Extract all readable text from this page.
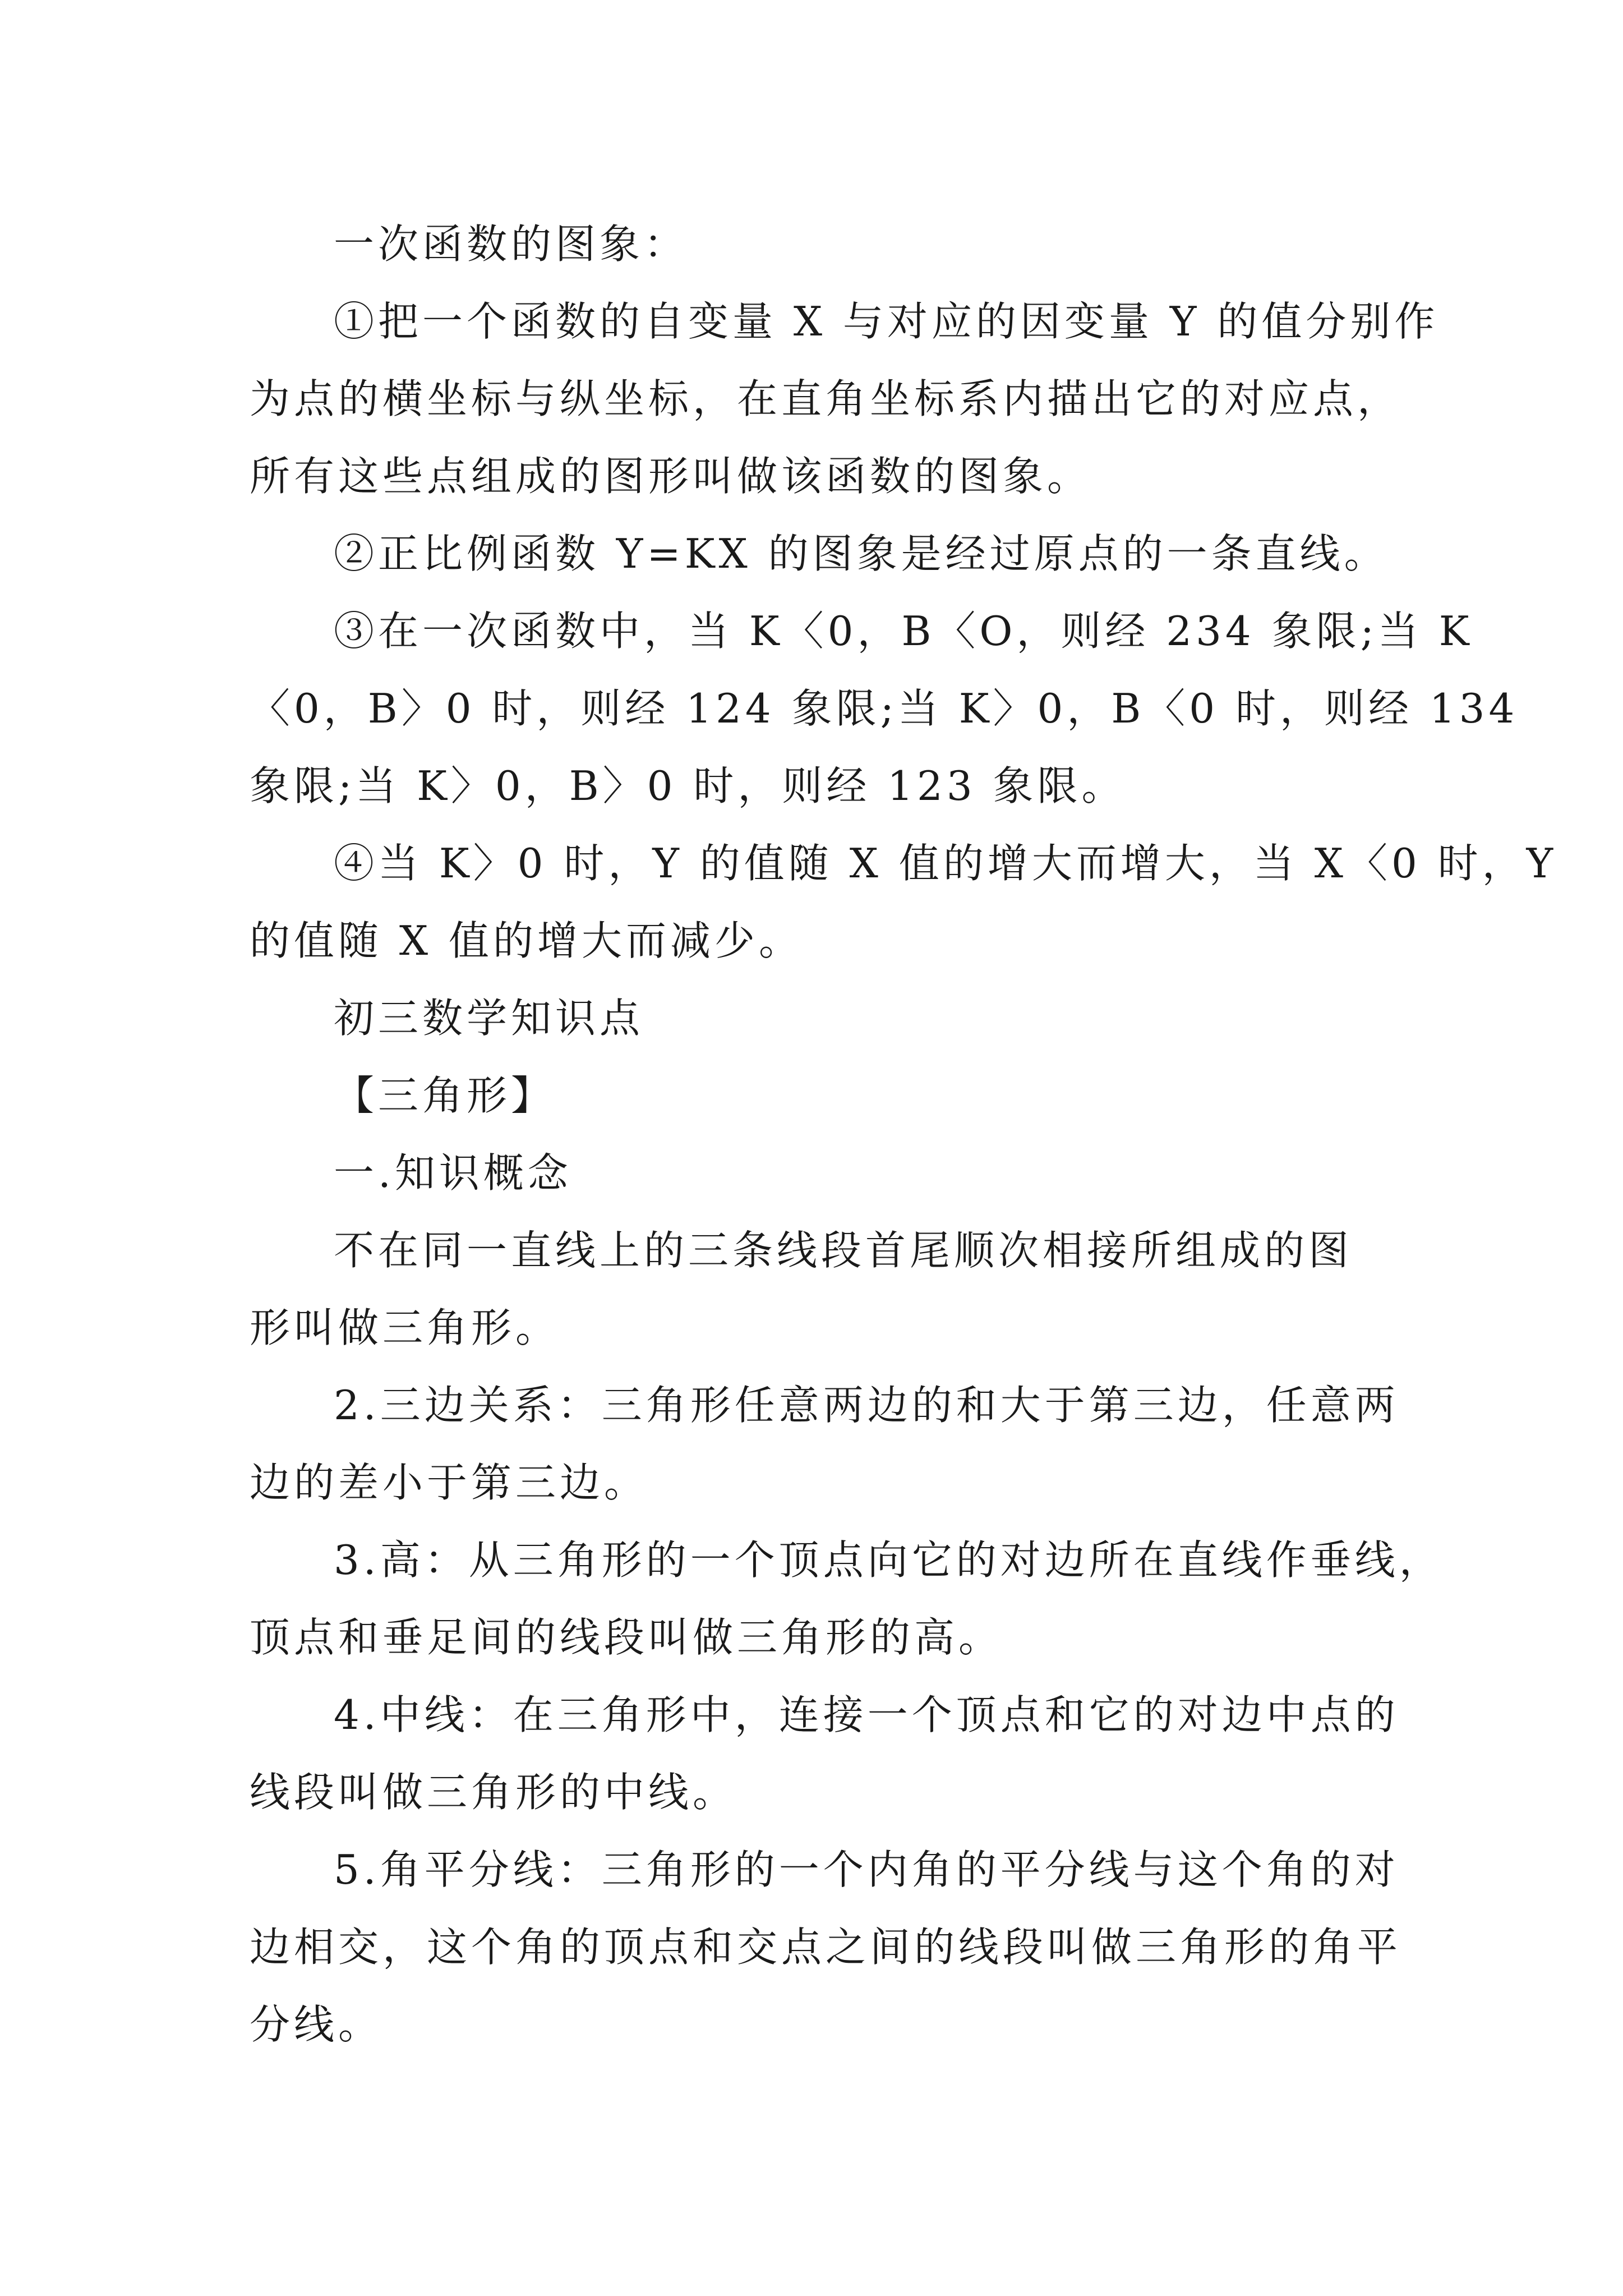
一次函数的图象：
①把一个函数的自变量 X 与对应的因变量 Y 的值分别作
为点的横坐标与纵坐标，在直角坐标系内描出它的对应点，
所有这些点组成的图形叫做该函数的图象。
②正比例函数 Y=KX 的图象是经过原点的一条直线。
③在一次函数中，当 K〈0，B〈O，则经 234 象限;当 K
〈0，B〉0 时，则经 124 象限;当 K〉0，B〈0 时，则经 134
象限;当 K〉0，B〉0 时，则经 123 象限。
④当 K〉0 时，Y 的值随 X 值的增大而增大，当 X〈0 时，Y
的值随 X 值的增大而减少。
初三数学知识点
【三角形】
一.知识概念
不在同一直线上的三条线段首尾顺次相接所组成的图
形叫做三角形。
2.三边关系：三角形任意两边的和大于第三边，任意两
边的差小于第三边。
3.高：从三角形的一个顶点向它的对边所在直线作垂线，
顶点和垂足间的线段叫做三角形的高。
4.中线：在三角形中，连接一个顶点和它的对边中点的
线段叫做三角形的中线。
5.角平分线：三角形的一个内角的平分线与这个角的对
边相交，这个角的顶点和交点之间的线段叫做三角形的角平
分线。
